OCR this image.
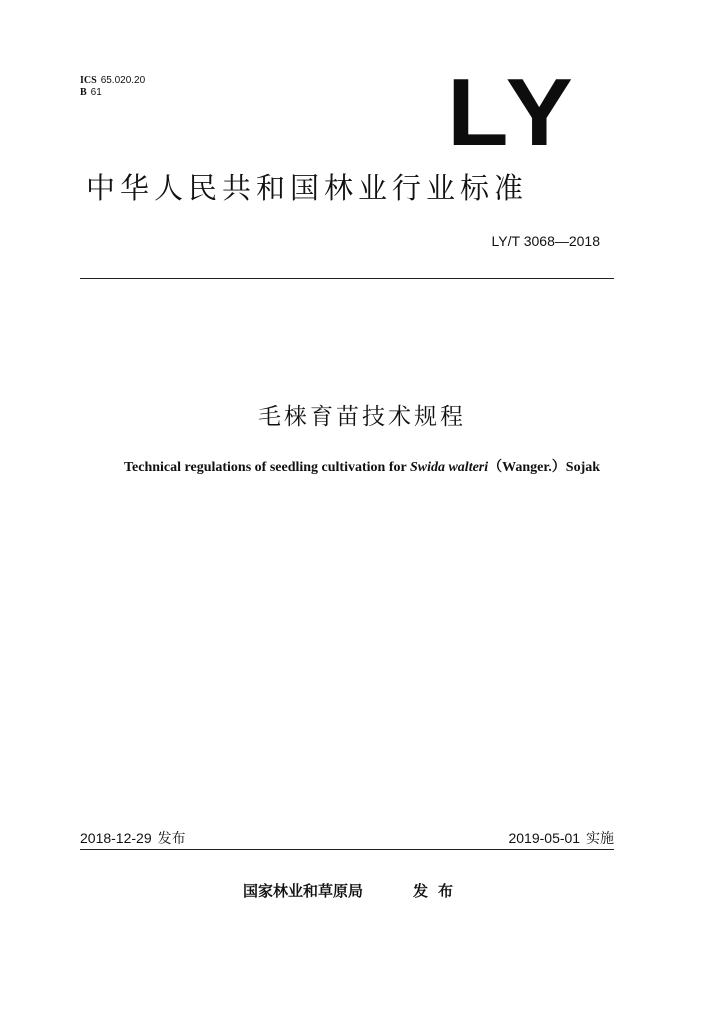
ICS 65.020.20
B 61	LY
中华人民共和国林业行业标准
LY/T 3068—2018
毛梾育苗技术规程
Technical regulations of seedling cultivation for Swida walteri（Wanger.）Sojak
2018-12-29 发布	2019-05-01 实施
国家林业和草原局	发布
